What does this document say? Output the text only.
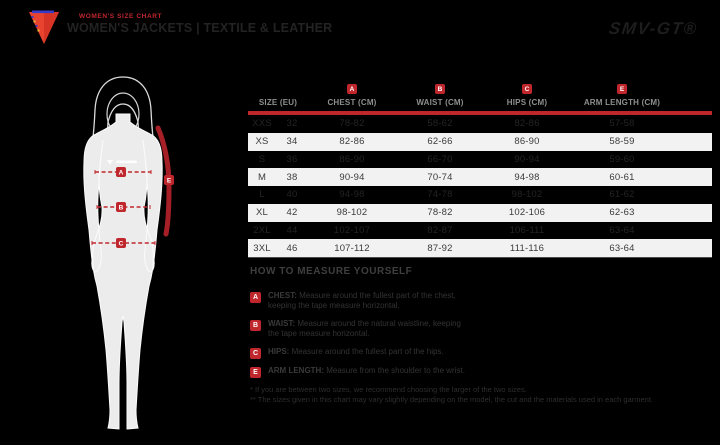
WOMEN'S SIZE CHART
WOMEN'S JACKETS | TEXTILE & LEATHER	SMV-GT®
A
B
C
E
A	B	C	E
SIZE (EU)	CHEST (CM)	WAIST (CM)	HIPS (CM)	ARM LENGTH (CM)
XXS	32	78-82	58-62	82-86	57-58
XS	34	82-86	62-66	86-90	58-59
S	36	86-90	66-70	90-94	59-60
M	38	90-94	70-74	94-98	60-61
L	40	94-98	74-78	98-102	61-62
XL	42	98-102	78-82	102-106	62-63
2XL	44	102-107	82-87	106-111	63-64
3XL	46	107-112	87-92	111-116	63-64
HOW TO MEASURE YOURSELF
A	CHEST: Measure around the fullest part of the chest, keeping the tape measure horizontal.
B	WAIST: Measure around the natural waistline, keeping the tape measure horizontal.
C	HIPS: Measure around the fullest part of the hips.
E	ARM LENGTH: Measure from the shoulder to the wrist.
* If you are between two sizes, we recommend choosing the larger of the two sizes.
** The sizes given in this chart may vary slightly depending on the model, the cut and the materials used in each garment.
